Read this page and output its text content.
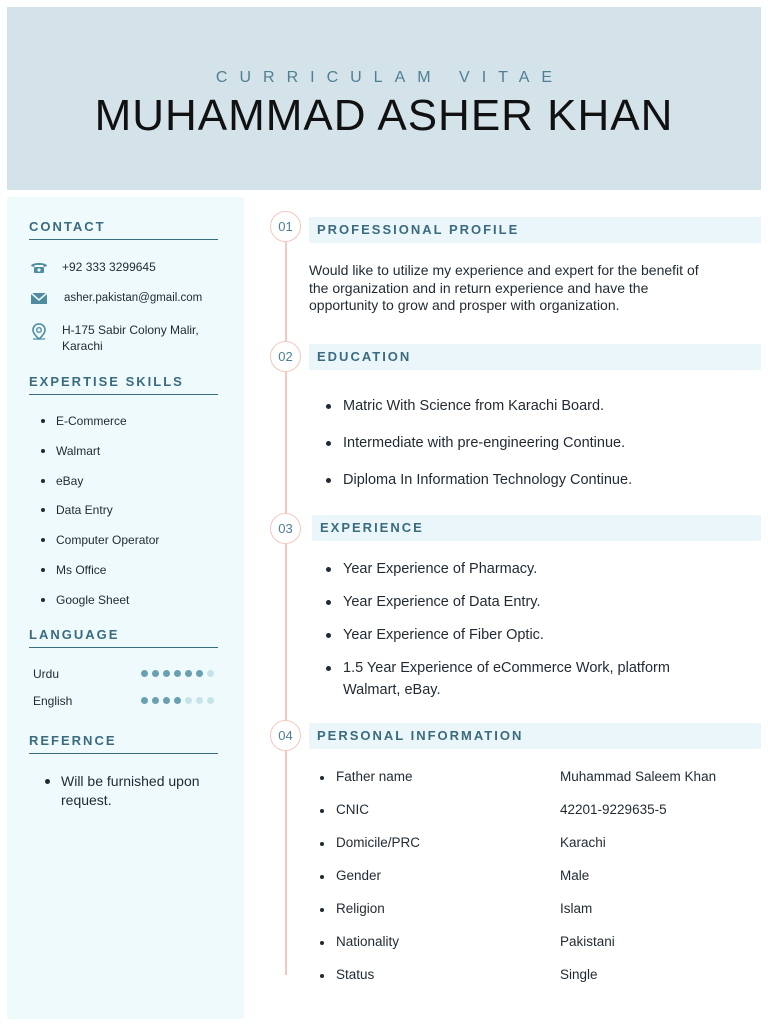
CURRICULAM VITAE
MUHAMMAD ASHER KHAN
CONTACT
+92 333 3299645
asher.pakistan@gmail.com
H-175 Sabir Colony Malir, Karachi
EXPERTISE SKILLS
E-Commerce
Walmart
eBay
Data Entry
Computer Operator
Ms Office
Google Sheet
LANGUAGE
Urdu
English
REFERNCE
Will be furnished upon request.
01	PROFESSIONAL PROFILE
Would like to utilize my experience and expert for the benefit of the organization and in return experience and have the opportunity to grow and prosper with organization.
02	EDUCATION
Matric With Science from Karachi Board.
Intermediate with pre-engineering Continue.
Diploma In Information Technology Continue.
03	EXPERIENCE
Year Experience of Pharmacy.
Year Experience of Data Entry.
Year Experience of Fiber Optic.
1.5 Year Experience of eCommerce Work, platform Walmart, eBay.
04	PERSONAL INFORMATION
Father name	Muhammad Saleem Khan
CNIC	42201-9229635-5
Domicile/PRC	Karachi
Gender	Male
Religion	Islam
Nationality	Pakistani
Status	Single
